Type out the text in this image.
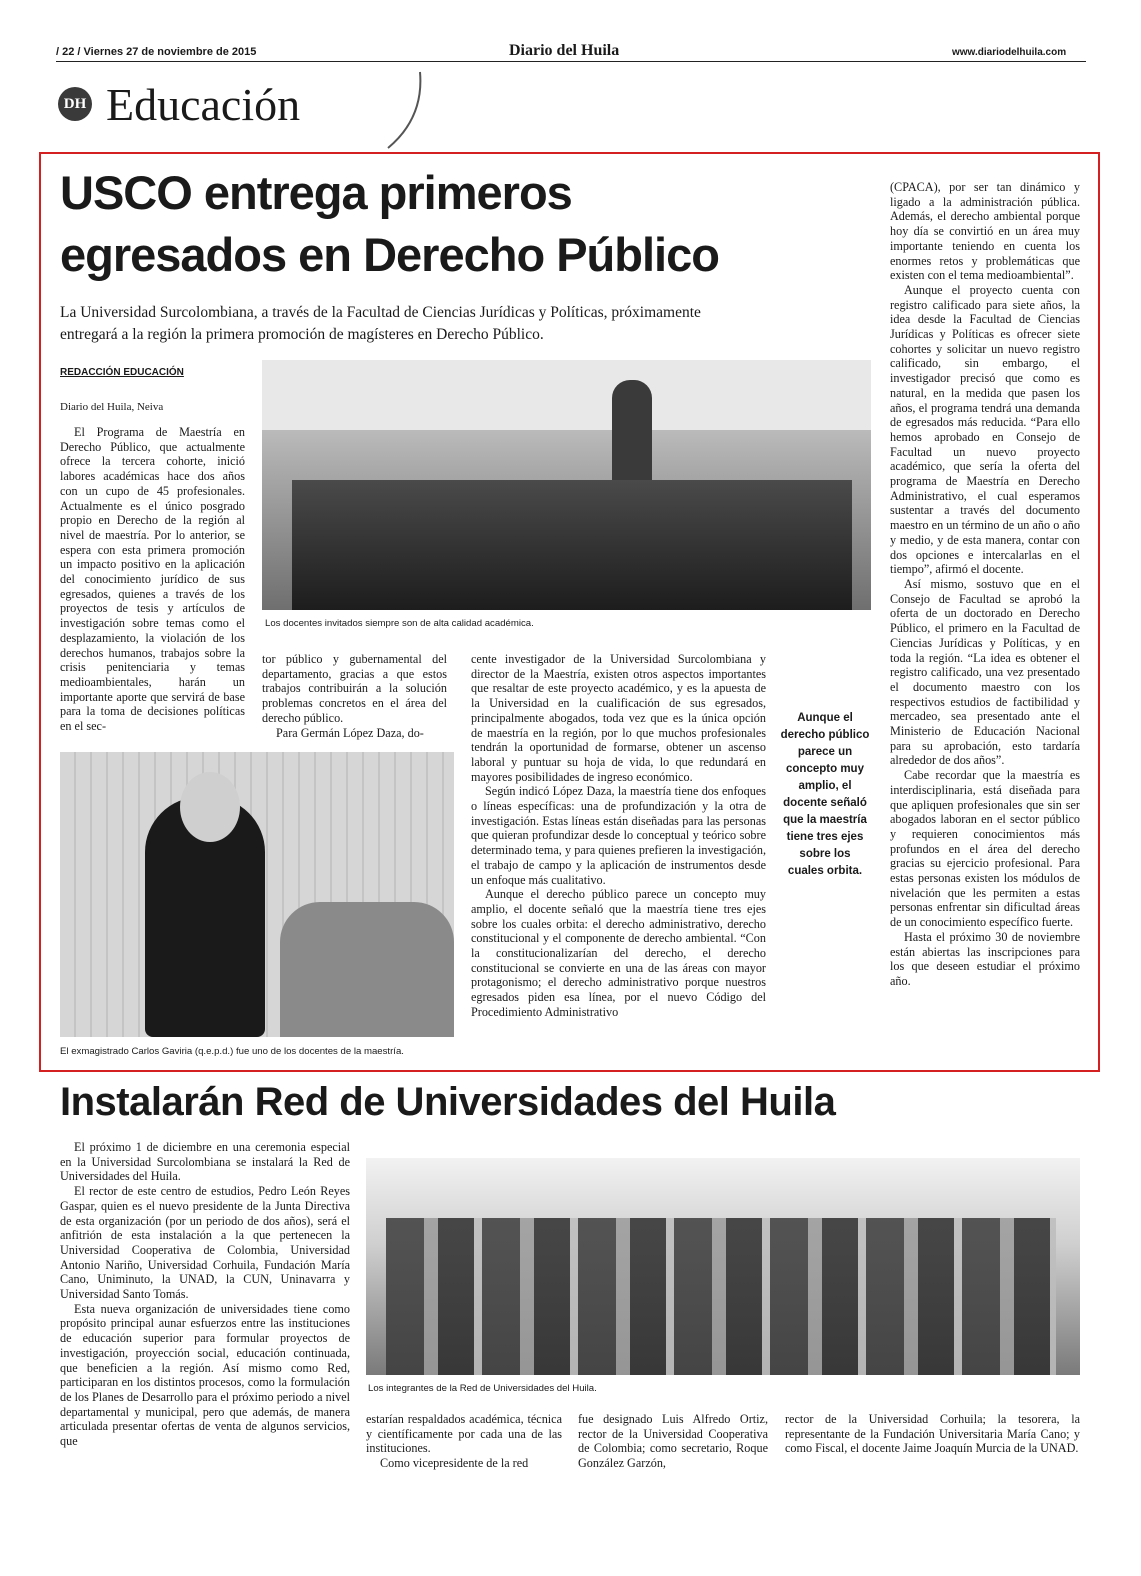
/ 22 / Viernes 27 de noviembre de 2015	Diario del Huila	www.diariodelhuila.com
DH Educación
USCO entrega primeros
egresados en Derecho Público
La Universidad Surcolombiana, a través de la Facultad de Ciencias Jurídicas y Políticas, próximamente
entregará a la región la primera promoción de magísteres en Derecho Público.
REDACCIÓN EDUCACIÓN
Diario del Huila, Neiva

El Programa de Maestría en Derecho Público, que actualmente ofrece la tercera cohorte, inició labores académicas hace dos años con un cupo de 45 profesionales. Actualmente es el único posgrado propio en Derecho de la región al nivel de maestría. Por lo anterior, se espera con esta primera promoción un impacto positivo en la aplicación del conocimiento jurídico de sus egresados, quienes a través de los proyectos de tesis y artículos de investigación sobre temas como el desplazamiento, la violación de los derechos humanos, trabajos sobre la crisis penitenciaria y temas medioambientales, harán un importante aporte que servirá de base para la toma de decisiones políticas en el sec-

Los docentes invitados siempre son de alta calidad académica.

tor público y gubernamental del departamento, gracias a que estos trabajos contribuirán a la solución problemas concretos en el área del derecho público.

Para Germán López Daza, do-

El exmagistrado Carlos Gaviria (q.e.p.d.) fue uno de los docentes de la maestría.

cente investigador de la Universidad Surcolombiana y director de la Maestría, existen otros aspectos importantes que resaltar de este proyecto académico, y es la apuesta de la Universidad en la cualificación de sus egresados, principalmente abogados, toda vez que es la única opción de maestría en la región, por lo que muchos profesionales tendrán la oportunidad de formarse, obtener un ascenso laboral y puntuar su hoja de vida, lo que redundará en mayores posibilidades de ingreso económico.

Según indicó López Daza, la maestría tiene dos enfoques o líneas específicas: una de profundización y la otra de investigación. Estas líneas están diseñadas para las personas que quieran profundizar desde lo conceptual y teórico sobre determinado tema, y para quienes prefieren la investigación, el trabajo de campo y la aplicación de instrumentos desde un enfoque más cualitativo.

Aunque el derecho público parece un concepto muy amplio, el docente señaló que la maestría tiene tres ejes sobre los cuales orbita: el derecho administrativo, derecho constitucional y el componente de derecho ambiental. “Con la constitucionalizarían del derecho, el derecho constitucional se convierte en una de las áreas con mayor protagonismo; el derecho administrativo porque nuestros egresados piden esa línea, por el nuevo Código del Procedimiento Administrativo

Aunque el derecho público parece un concepto muy amplio, el docente señaló que la maestría tiene tres ejes sobre los cuales orbita.

(CPACA), por ser tan dinámico y ligado a la administración pública. Además, el derecho ambiental porque hoy día se convirtió en un área muy importante teniendo en cuenta los enormes retos y problemáticas que existen con el tema medioambiental”.

Aunque el proyecto cuenta con registro calificado para siete años, la idea desde la Facultad de Ciencias Jurídicas y Políticas es ofrecer siete cohortes y solicitar un nuevo registro calificado, sin embargo, el investigador precisó que como es natural, en la medida que pasen los años, el programa tendrá una demanda de egresados más reducida. “Para ello hemos aprobado en Consejo de Facultad un nuevo proyecto académico, que sería la oferta del programa de Maestría en Derecho Administrativo, el cual esperamos sustentar a través del documento maestro en un término de un año o año y medio, y de esta manera, contar con dos opciones e intercalarlas en el tiempo”, afirmó el docente.

Así mismo, sostuvo que en el Consejo de Facultad se aprobó la oferta de un doctorado en Derecho Público, el primero en la Facultad de Ciencias Jurídicas y Políticas, y en toda la región. “La idea es obtener el registro calificado, una vez presentado el documento maestro con los respectivos estudios de factibilidad y mercadeo, sea presentado ante el Ministerio de Educación Nacional para su aprobación, esto tardaría alrededor de dos años”.

Cabe recordar que la maestría es interdisciplinaria, está diseñada para que apliquen profesionales que sin ser abogados laboran en el sector público y requieren conocimientos más profundos en el área del derecho gracias su ejercicio profesional. Para estas personas existen los módulos de nivelación que les permiten a estas personas enfrentar sin dificultad áreas de un conocimiento específico fuerte.

Hasta el próximo 30 de noviembre están abiertas las inscripciones para los que deseen estudiar el próximo año.

Instalarán Red de Universidades del Huila

El próximo 1 de diciembre en una ceremonia especial en la Universidad Surcolombiana se instalará la Red de Universidades del Huila.

El rector de este centro de estudios, Pedro León Reyes Gaspar, quien es el nuevo presidente de la Junta Directiva de esta organización (por un periodo de dos años), será el anfitrión de esta instalación a la que pertenecen la Universidad Cooperativa de Colombia, Universidad Antonio Nariño, Universidad Corhuila, Fundación María Cano, Uniminuto, la UNAD, la CUN, Uninavarra y Universidad Santo Tomás.

Esta nueva organización de universidades tiene como propósito principal aunar esfuerzos entre las instituciones de educación superior para formular proyectos de investigación, proyección social, educación continuada, que beneficien a la región. Así mismo como Red, participaran en los distintos procesos, como la formulación de los Planes de Desarrollo para el próximo periodo a nivel departamental y municipal, pero que además, de manera articulada presentar ofertas de venta de algunos servicios, que

Los integrantes de la Red de Universidades del Huila.

estarían respaldados académica, técnica y científicamente por cada una de las instituciones.

Como vicepresidente de la red

fue designado Luis Alfredo Ortiz, rector de la Universidad Cooperativa de Colombia; como secretario, Roque González Garzón,

rector de la Universidad Corhuila; la tesorera, la representante de la Fundación Universitaria María Cano; y como Fiscal, el docente Jaime Joaquín Murcia de la UNAD.
